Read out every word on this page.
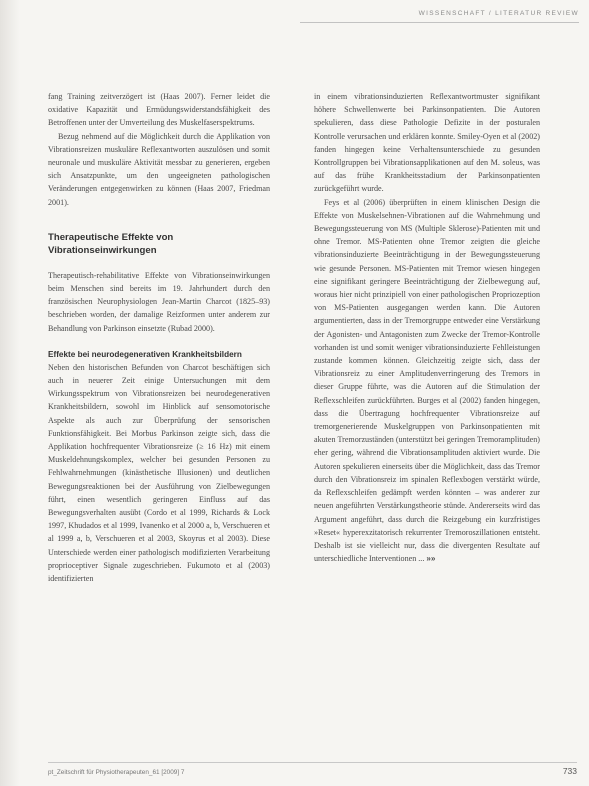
WISSENSCHAFT / LITERATUR REVIEW

fang Training zeitverzögert ist (Haas 2007). Ferner leidet die oxidative Kapazität und Ermüdungswiderstandsfähigkeit des Betroffenen unter der Umverteilung des Muskelfaserspektrums.

Bezug nehmend auf die Möglichkeit durch die Applikation von Vibrationsreizen muskuläre Reflexantworten auszulösen und somit neuronale und muskuläre Aktivität messbar zu generieren, ergeben sich Ansatzpunkte, um den ungeeigneten pathologischen Veränderungen entgegenwirken zu können (Haas 2007, Friedman 2001).

Therapeutische Effekte von Vibrationseinwirkungen

Therapeutisch-rehabilitative Effekte von Vibrationseinwirkungen beim Menschen sind bereits im 19. Jahrhundert durch den französischen Neurophysiologen Jean-Martin Charcot (1825–93) beschrieben worden, der damalige Reizformen unter anderem zur Behandlung von Parkinson einsetzte (Rubad 2000).

Effekte bei neurodegenerativen Krankheitsbildern

Neben den historischen Befunden von Charcot beschäftigen sich auch in neuerer Zeit einige Untersuchungen mit dem Wirkungsspektrum von Vibrationsreizen bei neurodegenerativen Krankheitsbildern, sowohl im Hinblick auf sensomotorische Aspekte als auch zur Überprüfung der sensorischen Funktionsfähigkeit. Bei Morbus Parkinson zeigte sich, dass die Applikation hochfrequenter Vibrationsreize (≥ 16 Hz) mit einem Muskeldehnungskomplex, welcher bei gesunden Personen zu Fehlwahrnehmungen (kinästhetische Illusionen) und deutlichen Bewegungsreaktionen bei der Ausführung von Zielbewegungen führt, einen wesentlich geringeren Einfluss auf das Bewegungsverhalten ausübt (Cordo et al 1999, Richards & Lock 1997, Khudados et al 1999, Ivanenko et al 2000 a, b, Verschueren et al 1999 a, b, Verschueren et al 2003, Skoyrus et al 2003). Diese Unterschiede werden einer pathologisch modifizierten Verarbeitung proprioceptiver Signale zugeschrieben. Fukumoto et al (2003) identifizierten

in einem vibrationsinduzierten Reflexantwortmuster signifikant höhere Schwellenwerte bei Parkinsonpatienten. Die Autoren spekulieren, dass diese Pathologie Defizite in der posturalen Kontrolle verursachen und erklären konnte. Smiley-Oyen et al (2002) fanden hingegen keine Verhaltensunterschiede zu gesunden Kontrollgruppen bei Vibrationsapplikationen auf den M. soleus, was auf das frühe Krankheitsstadium der Parkinsonpatienten zurückgeführt wurde.

Feys et al (2006) überprüften in einem klinischen Design die Effekte von Muskelsehnen-Vibrationen auf die Wahrnehmung und Bewegungssteuerung von MS (Multiple Sklerose)-Patienten mit und ohne Tremor. MS-Patienten ohne Tremor zeigten die gleiche vibrationsinduzierte Beeinträchtigung in der Bewegungssteuerung wie gesunde Personen. MS-Patienten mit Tremor wiesen hingegen eine signifikant geringere Beeinträchtigung der Zielbewegung auf, woraus hier nicht prinzipiell von einer pathologischen Propriozeption von MS-Patienten ausgegangen werden kann. Die Autoren argumentierten, dass in der Tremorgruppe entweder eine Verstärkung der Agonisten- und Antagonisten zum Zwecke der Tremor-Kontrolle vorhanden ist und somit weniger vibrationsinduzierte Fehlleistungen zustande kommen können. Gleichzeitig zeigte sich, dass der Vibrationsreiz zu einer Amplitudenverringerung des Tremors in dieser Gruppe führte, was die Autoren auf die Stimulation der Reflexschleifen zurückführten. Burges et al (2002) fanden hingegen, dass die Übertragung hochfrequenter Vibrationsreize auf tremorgenerierende Muskelgruppen von Parkinsonpatienten mit akuten Tremorzuständen (unterstützt bei geringen Tremoramplituden) eher gering, während die Vibrationsamplituden aktiviert wurde. Die Autoren spekulieren einerseits über die Möglichkeit, dass das Tremor durch den Vibrationsreiz im spinalen Reflexbogen verstärkt würde, da Reflexschleifen gedämpft werden könnten – was anderer zur neuen angeführten Verstärkungstheorie stünde. Andererseits wird das Argument angeführt, dass durch die Reizgebung ein kurzfristiges »Reset« hyperexzitatorisch rekurrenter Tremoroszillationen entsteht. Deshalb ist sie vielleicht nur, dass die divergenten Resultate auf unterschiedliche Interventionen ... »»

pt_Zeitschrift für Physiotherapeuten_61 [2009] 7	733
